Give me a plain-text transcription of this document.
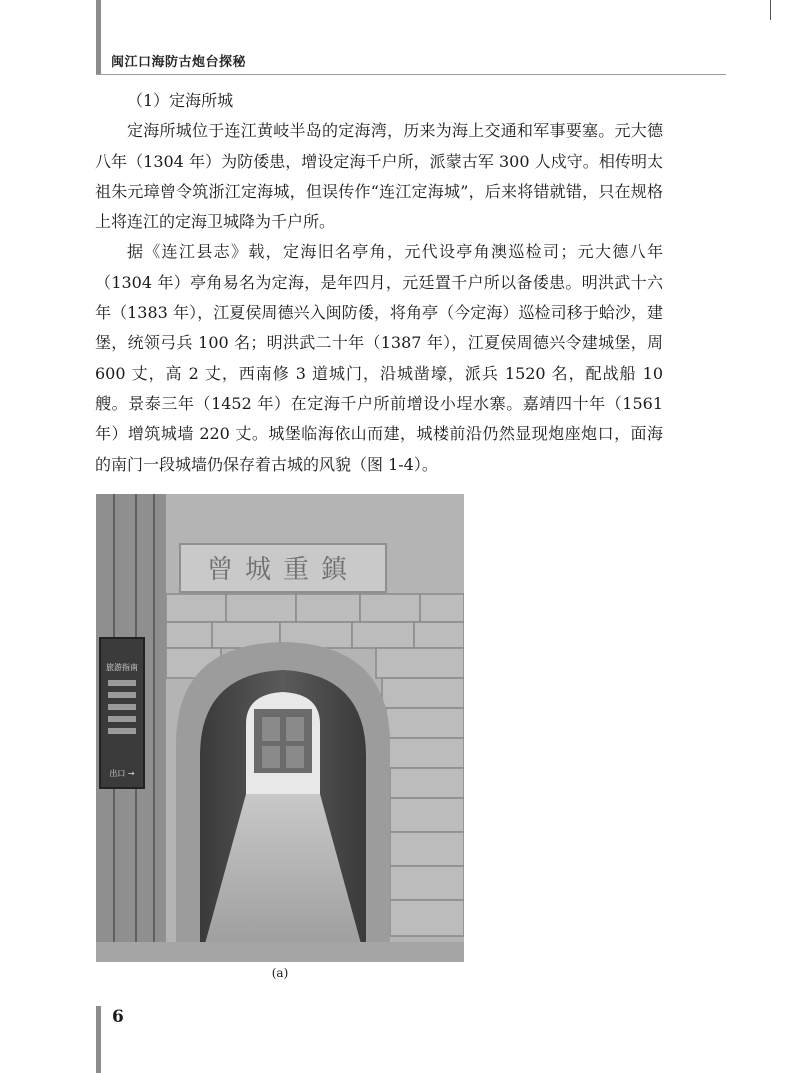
闽江口海防古炮台探秘

（1）定海所城

定海所城位于连江黄岐半岛的定海湾，历来为海上交通和军事要塞。元大德八年（1304 年）为防倭患，增设定海千户所，派蒙古军 300 人戍守。相传明太祖朱元璋曾令筑浙江定海城，但误传作“连江定海城”，后来将错就错，只在规格上将连江的定海卫城降为千户所。

据《连江县志》载，定海旧名亭角，元代设亭角澳巡检司；元大德八年（1304 年）亭角易名为定海，是年四月，元廷置千户所以备倭患。明洪武十六年（1383 年），江夏侯周德兴入闽防倭，将角亭（今定海）巡检司移于蛤沙，建堡，统领弓兵 100 名；明洪武二十年（1387 年），江夏侯周德兴令建城堡，周 600 丈，高 2 丈，西南修 3 道城门，沿城凿壕，派兵 1520 名，配战船 10 艘。景泰三年（1452 年）在定海千户所前增设小埕水寨。嘉靖四十年（1561 年）增筑城墙 220 丈。城堡临海依山而建，城楼前沿仍然显现炮座炮口，面海的南门一段城墙仍保存着古城的风貌（图 1-4）。

曾城重鎮
旅游指南
出口 →
(a)
6
